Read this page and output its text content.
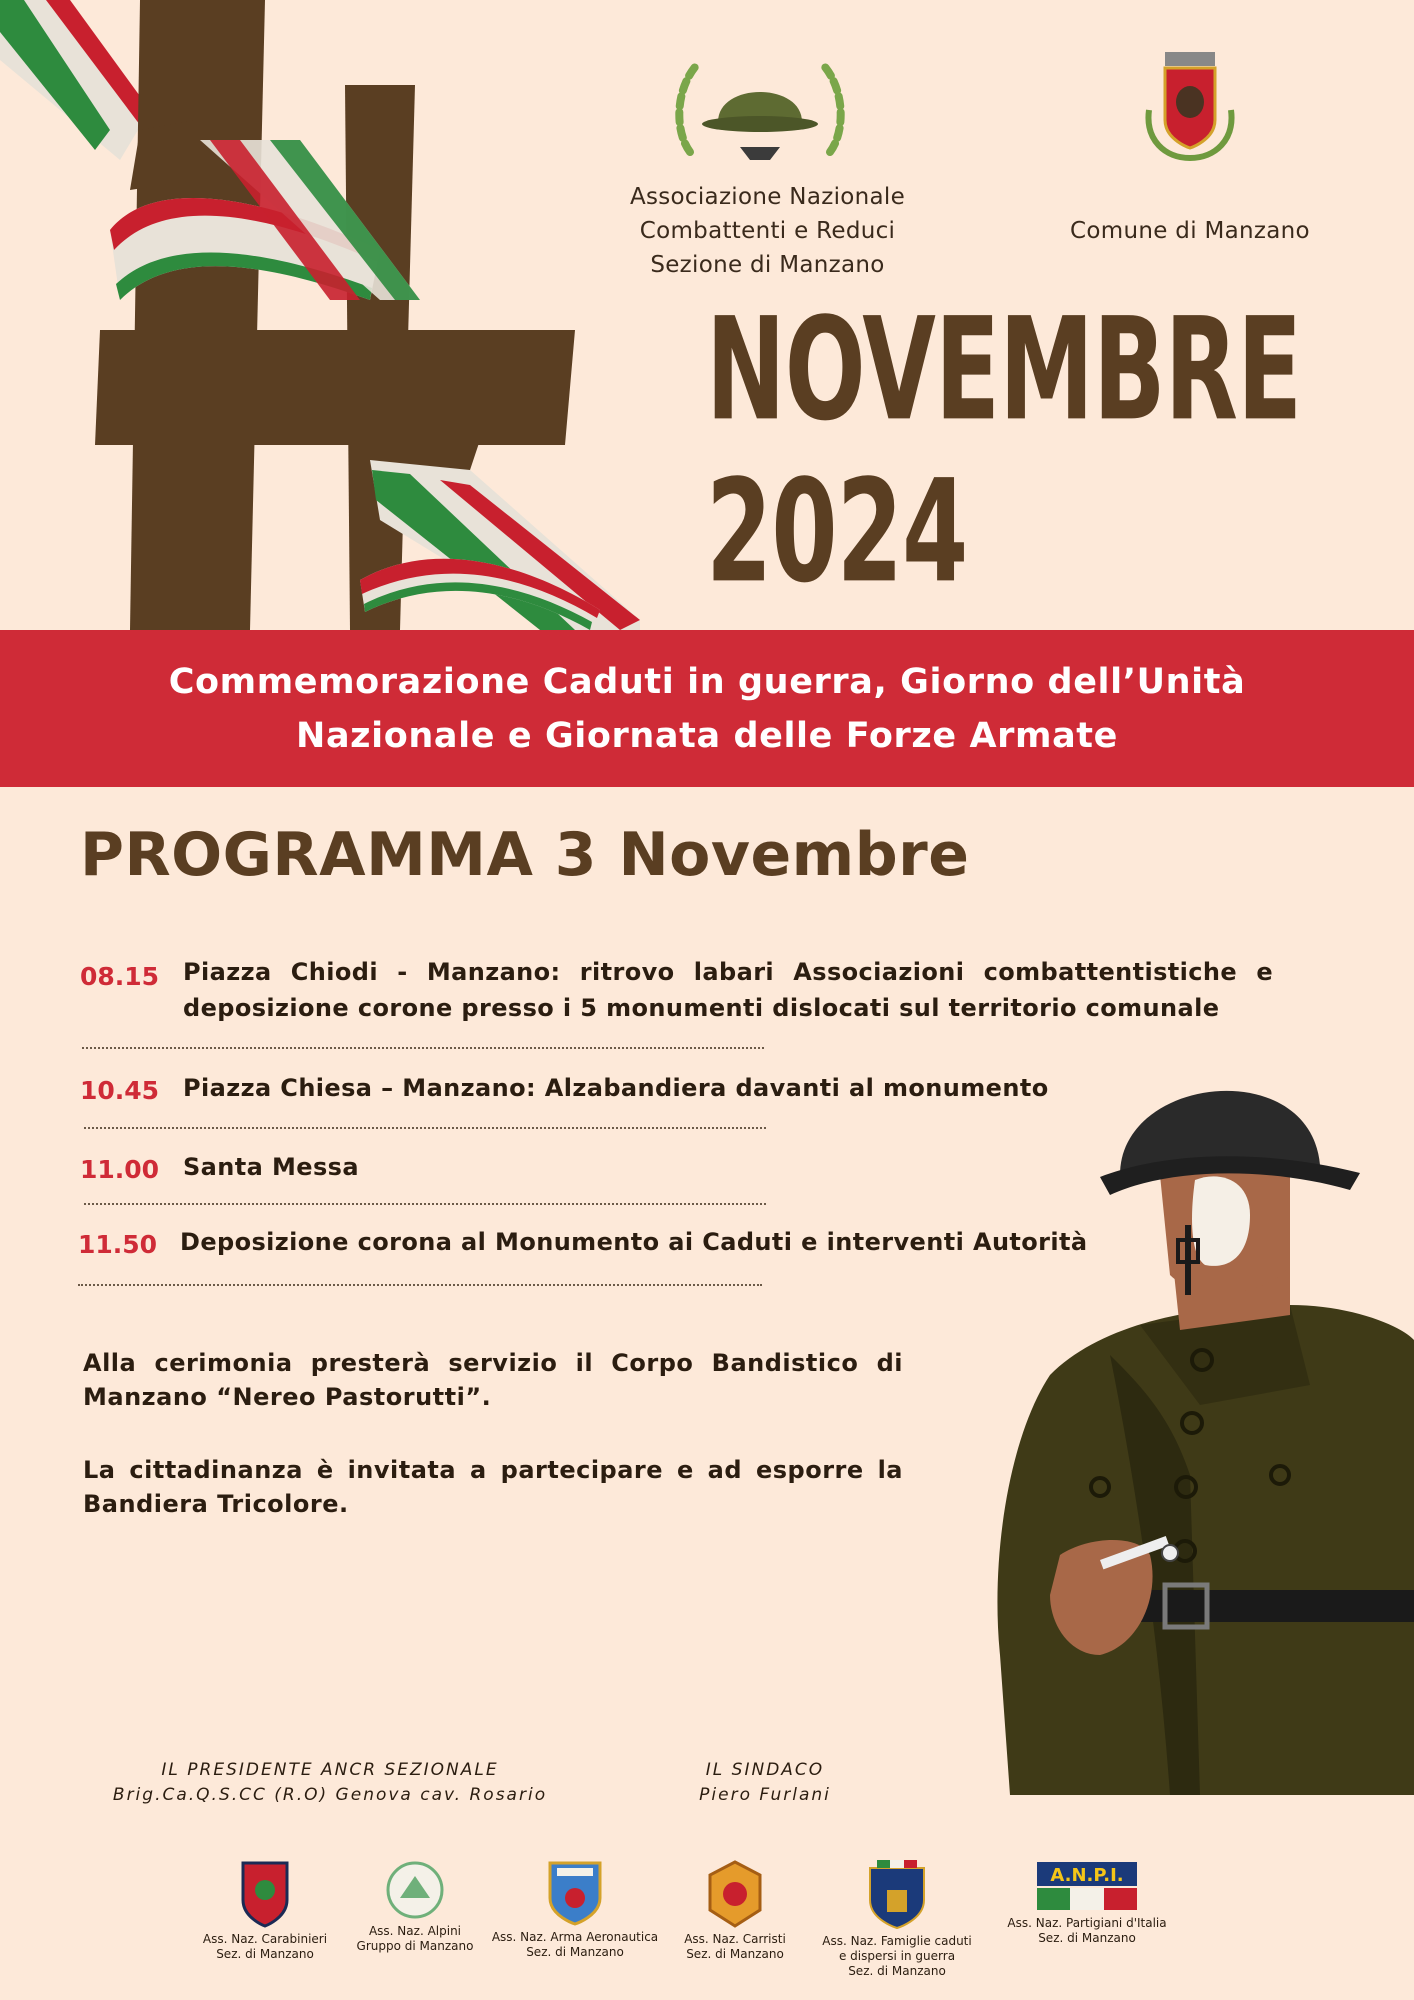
Associazione Nazionale
Combattenti e Reduci
Sezione di Manzano
Comune di Manzano
NOVEMBRE
2024
Commemorazione Caduti in guerra, Giorno dell’Unità
Nazionale e Giornata delle Forze Armate
PROGRAMMA 3 Novembre
08.15 Piazza Chiodi - Manzano: ritrovo labari Associazioni combattentistiche e deposizione corone presso i 5 monumenti dislocati sul territorio comunale
10.45 Piazza Chiesa – Manzano: Alzabandiera davanti al monumento
11.00 Santa Messa
11.50 Deposizione corona al Monumento ai Caduti e interventi Autorità
Alla cerimonia presterà servizio il Corpo Bandistico di Manzano “Nereo Pastorutti”.
La cittadinanza è invitata a partecipare e ad esporre la Bandiera Tricolore.
IL PRESIDENTE ANCR SEZIONALE
Brig.Ca.Q.S.CC (R.O) Genova cav. Rosario
IL SINDACO
Piero Furlani
Ass. Naz. Carabinieri
Sez. di Manzano
Ass. Naz. Alpini
Gruppo di Manzano
Ass. Naz. Arma Aeronautica
Sez. di Manzano
Ass. Naz. Carristi
Sez. di Manzano
Ass. Naz. Famiglie caduti
e dispersi in guerra
Sez. di Manzano
A.N.P.I.
Ass. Naz. Partigiani d'Italia
Sez. di Manzano
